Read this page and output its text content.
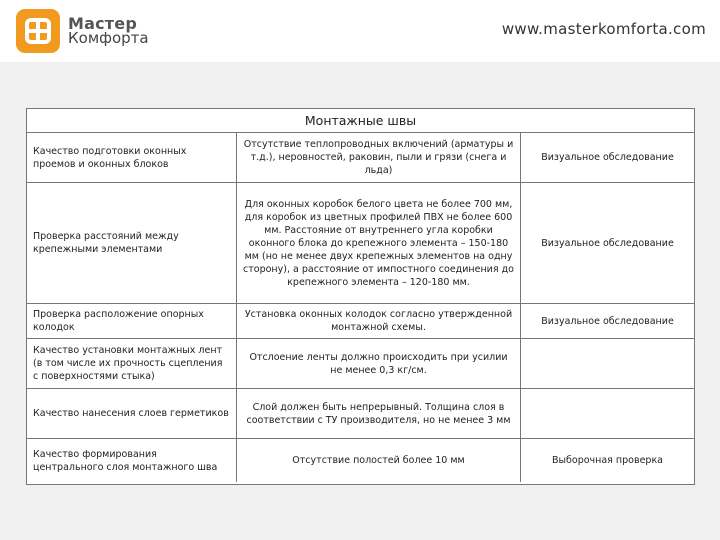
Мастер
Комфорта	www.masterkomforta.com
Монтажные швы
Качество подготовки оконных проемов и оконных блоков
Отсутствие теплопроводных включений (арматуры и т.д.), неровностей, раковин, пыли и грязи (снега и льда)
Визуальное обследование
Проверка расстояний между крепежными элементами
Для оконных коробок белого цвета не более 700 мм, для коробок из цветных профилей ПВХ не более 600 мм. Расстояние от внутреннего угла коробки оконного блока до крепежного элемента – 150-180 мм (но не менее двух крепежных элементов на одну сторону), а расстояние от импостного соединения до крепежного элемента – 120-180 мм.
Визуальное обследование
Проверка расположение опорных колодок
Установка оконных колодок согласно утвержденной монтажной схемы.
Визуальное обследование
Качество установки монтажных лент (в том числе их прочность сцепления с поверхностями стыка)
Отслоение ленты должно происходить при усилии не менее 0,3 кг/см.
Качество нанесения слоев герметиков
Слой должен быть непрерывный. Толщина слоя в соответствии с ТУ производителя, но не менее 3 мм
Качество формирования центрального слоя монтажного шва
Отсутствие полостей более 10 мм	Выборочная проверка
